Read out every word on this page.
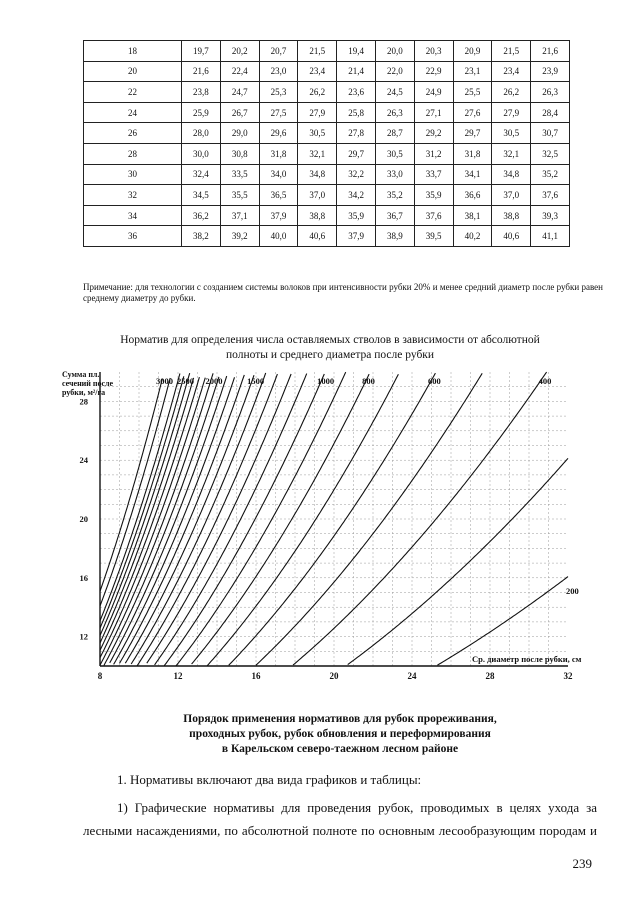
18	19,7	20,2	20,7	21,5	19,4	20,0	20,3	20,9	21,5	21,6
20	21,6	22,4	23,0	23,4	21,4	22,0	22,9	23,1	23,4	23,9
22	23,8	24,7	25,3	26,2	23,6	24,5	24,9	25,5	26,2	26,3
24	25,9	26,7	27,5	27,9	25,8	26,3	27,1	27,6	27,9	28,4
26	28,0	29,0	29,6	30,5	27,8	28,7	29,2	29,7	30,5	30,7
28	30,0	30,8	31,8	32,1	29,7	30,5	31,2	31,8	32,1	32,5
30	32,4	33,5	34,0	34,8	32,2	33,0	33,7	34,1	34,8	35,2
32	34,5	35,5	36,5	37,0	34,2	35,2	35,9	36,6	37,0	37,6
34	36,2	37,1	37,9	38,8	35,9	36,7	37,6	38,1	38,8	39,3
36	38,2	39,2	40,0	40,6	37,9	38,9	39,5	40,2	40,6	41,1
Примечание: для технологии с созданием системы волоков при интенсивности рубки 20% и менее средний диаметр после рубки равен среднему диаметру до рубки.
Норматив для определения числа оставляемых стволов в зависимости от абсолютной
полноты и среднего диаметра после рубки
3000 2500 2000	1500	1000	800	600	400
200
Сумма пл.
сечений после
рубки, м²/га
12
16
20
24
28
8	12	16	20	24	28	32
Ср. диаметр после рубки, см
Порядок применения нормативов для рубок прореживания,
проходных рубок, рубок обновления и переформирования
в Карельском северо-таежном лесном районе
1. Нормативы включают два вида графиков и таблицы:
1) Графические нормативы для проведения рубок, проводимых в целях ухода за
лесными насаждениями, по абсолютной полноте по основным лесообразующим породам и
239
